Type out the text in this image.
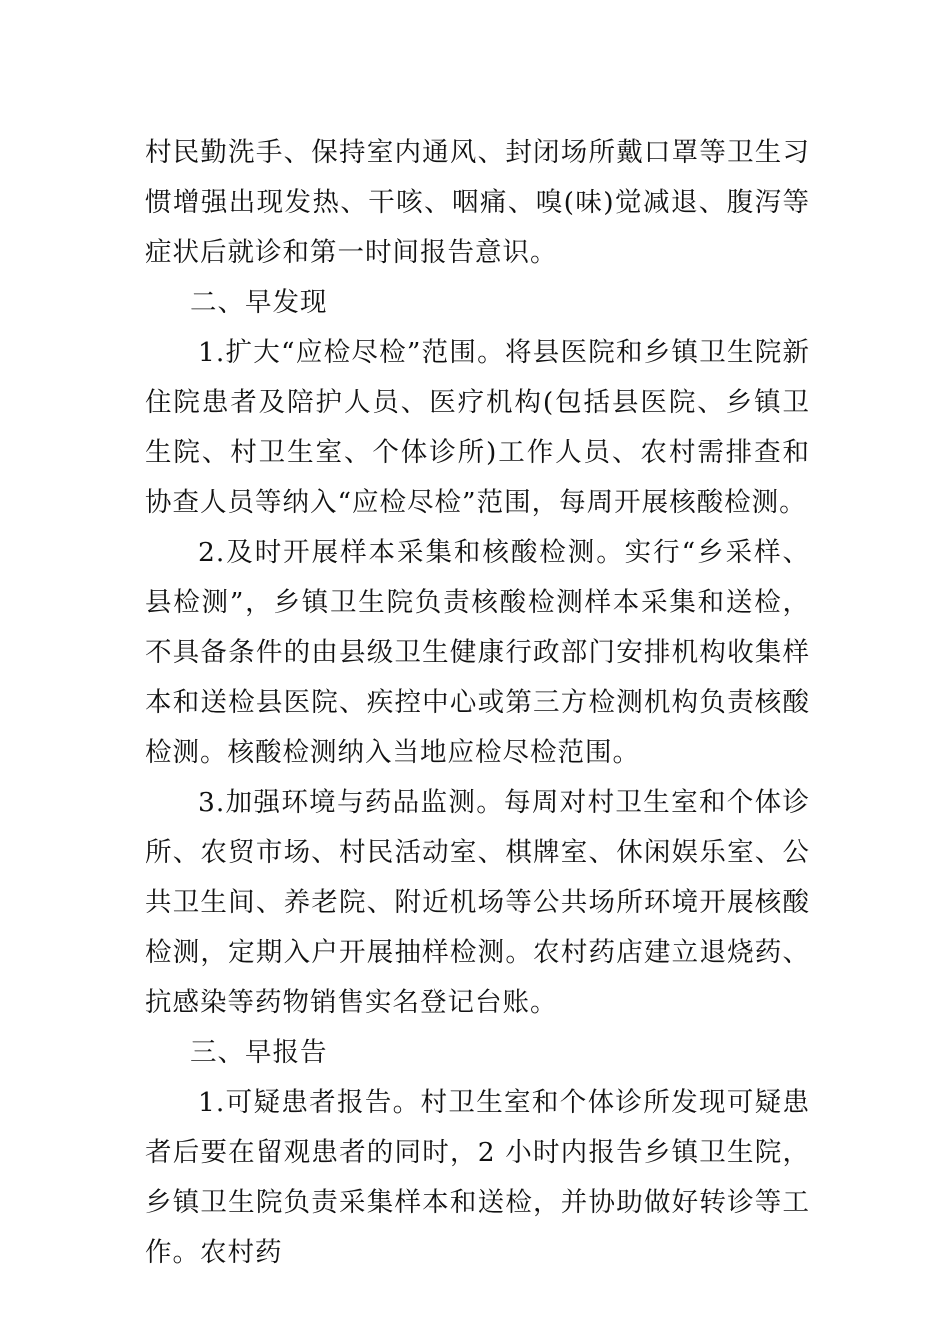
村民勤洗手、保持室内通风、封闭场所戴口罩等卫生习惯增强出现发热、干咳、咽痛、嗅(味)觉减退、腹泻等症状后就诊和第一时间报告意识。

二、早发现

1.扩大“应检尽检”范围。将县医院和乡镇卫生院新住院患者及陪护人员、医疗机构(包括县医院、乡镇卫生院、村卫生室、个体诊所)工作人员、农村需排查和协查人员等纳入“应检尽检”范围，每周开展核酸检测。

2.及时开展样本采集和核酸检测。实行“乡采样、县检测”，乡镇卫生院负责核酸检测样本采集和送检，不具备条件的由县级卫生健康行政部门安排机构收集样本和送检县医院、疾控中心或第三方检测机构负责核酸检测。核酸检测纳入当地应检尽检范围。

3.加强环境与药品监测。每周对村卫生室和个体诊所、农贸市场、村民活动室、棋牌室、休闲娱乐室、公共卫生间、养老院、附近机场等公共场所环境开展核酸检测，定期入户开展抽样检测。农村药店建立退烧药、抗感染等药物销售实名登记台账。

三、早报告

1.可疑患者报告。村卫生室和个体诊所发现可疑患者后要在留观患者的同时，2 小时内报告乡镇卫生院，乡镇卫生院负责采集样本和送检，并协助做好转诊等工作。农村药
